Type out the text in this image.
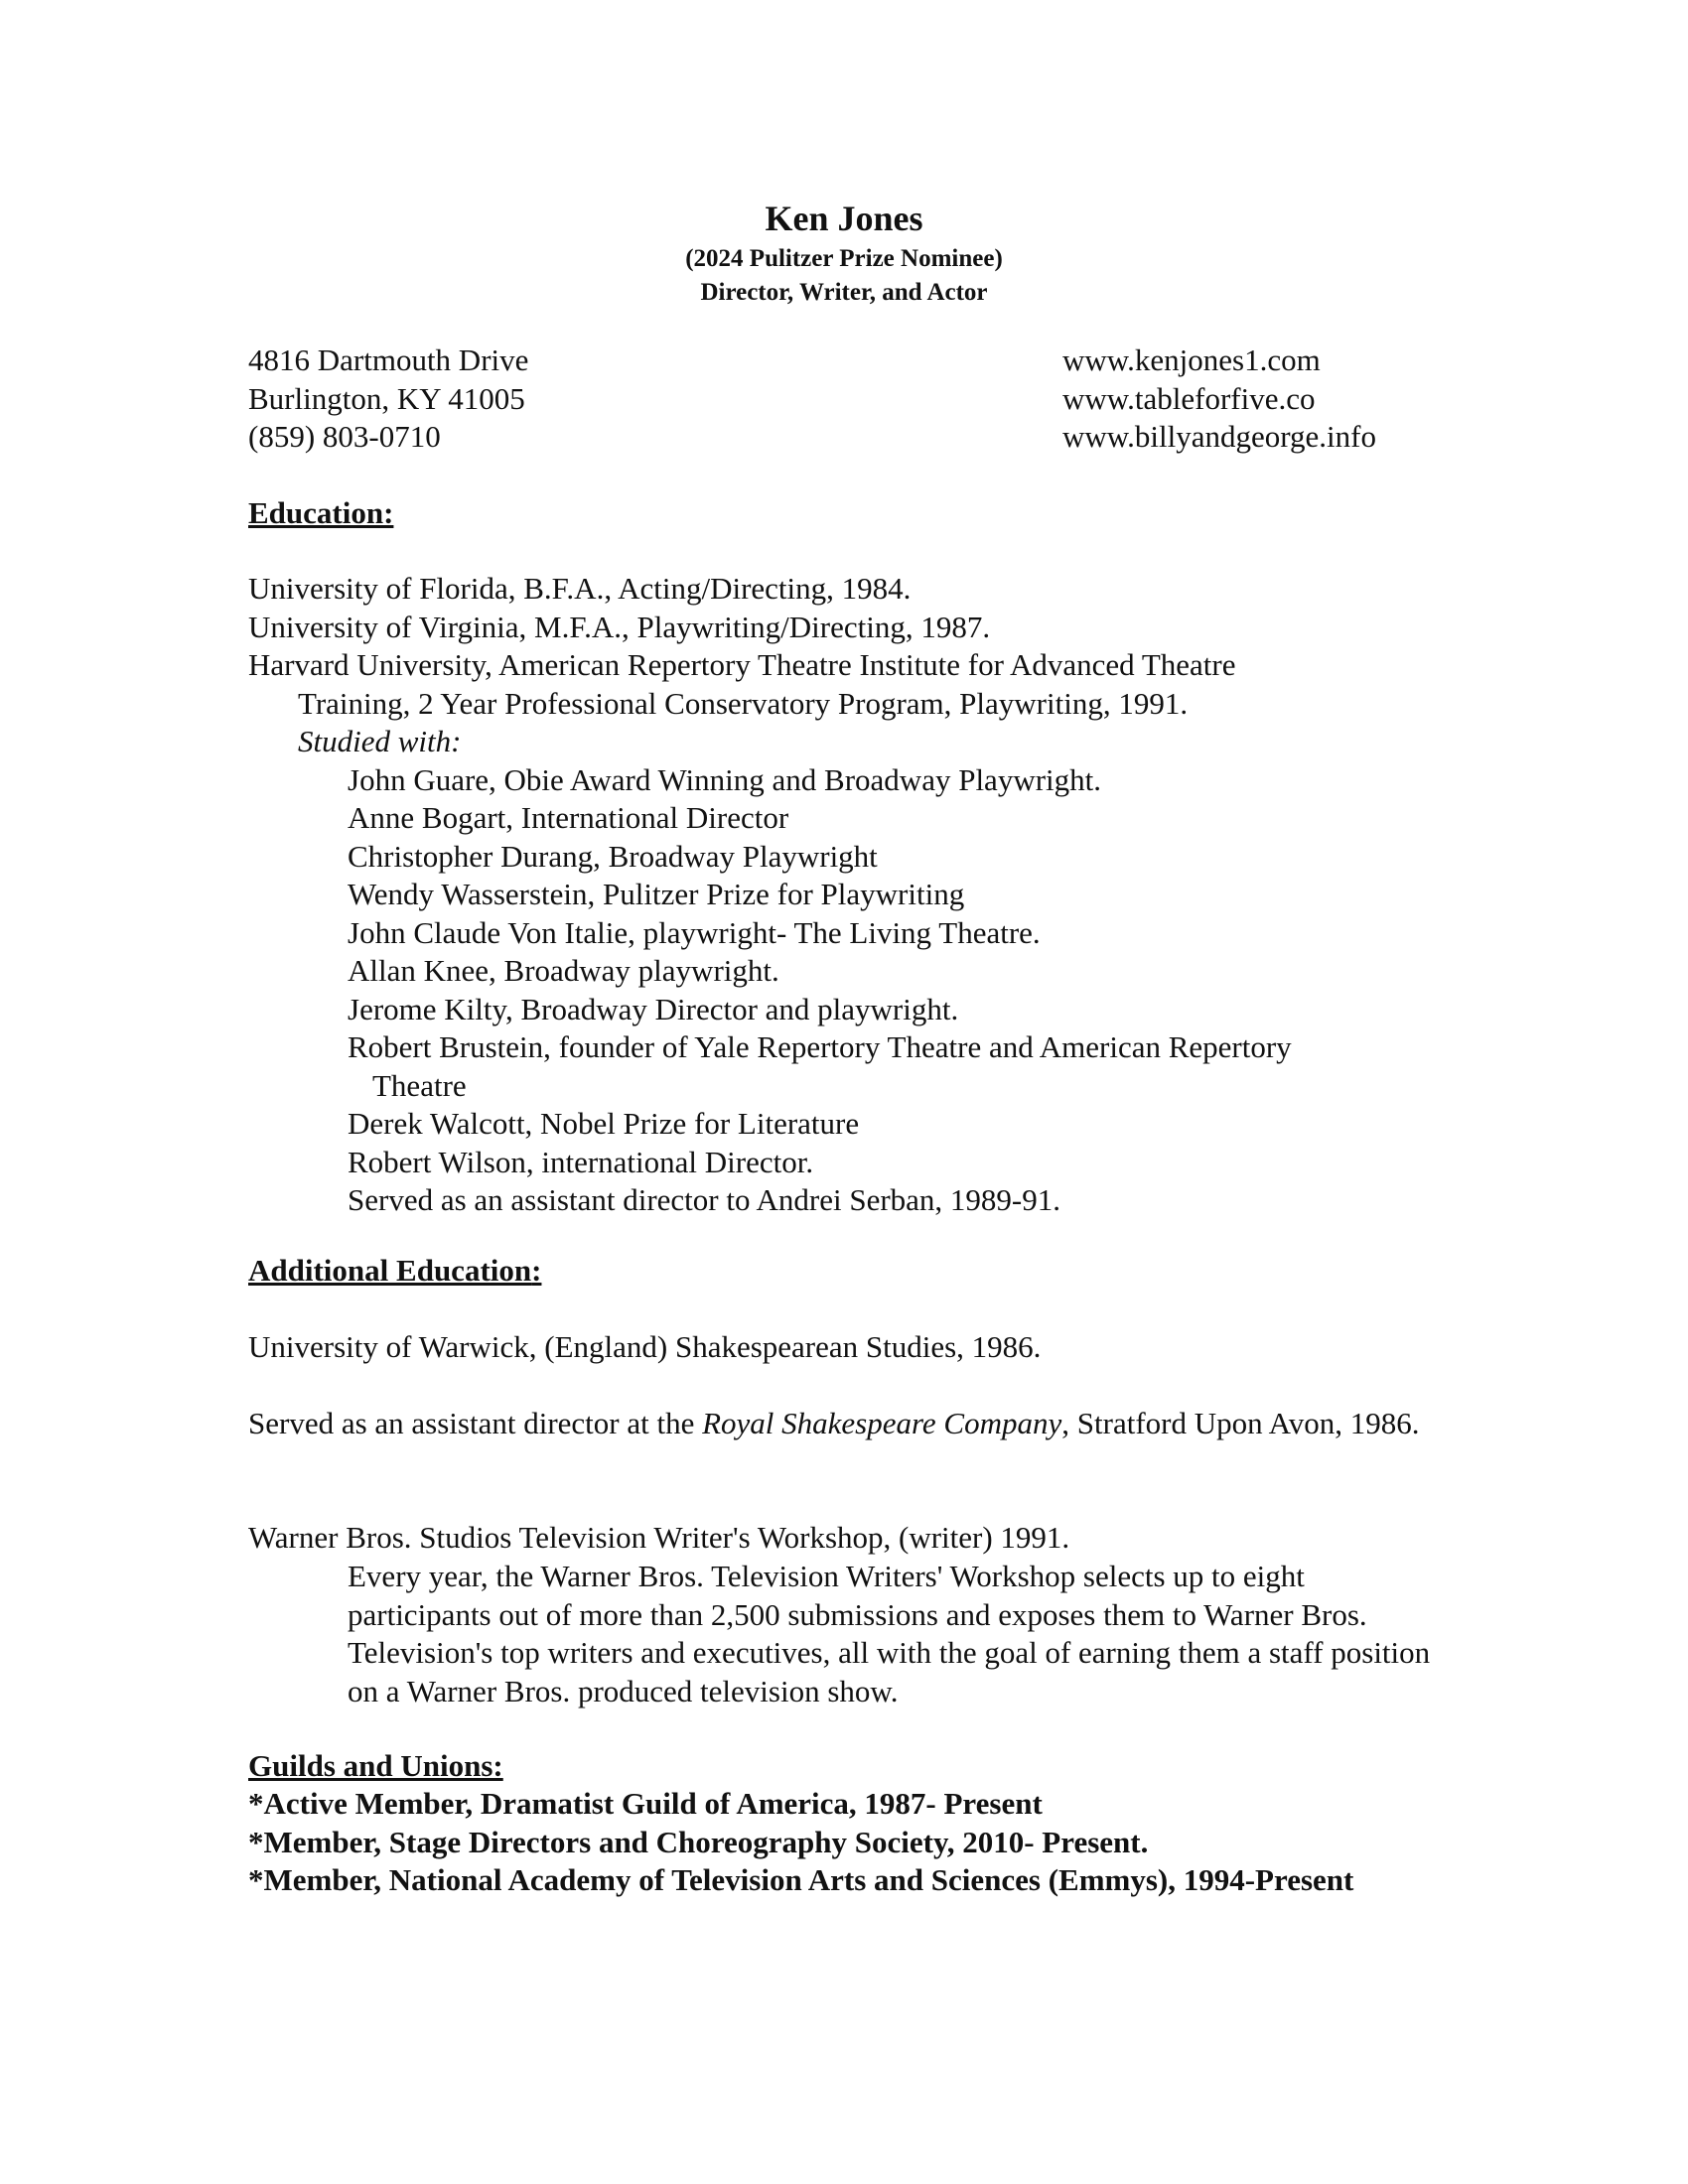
Ken Jones
(2024 Pulitzer Prize Nominee)
Director, Writer, and Actor
4816 Dartmouth Drive
Burlington, KY 41005
(859) 803-0710
www.kenjones1.com
www.tableforfive.co
www.billyandgeorge.info
Education:
University of Florida, B.F.A., Acting/Directing, 1984.
University of Virginia, M.F.A., Playwriting/Directing, 1987.
Harvard University, American Repertory Theatre Institute for Advanced Theatre
Training, 2 Year Professional Conservatory Program, Playwriting, 1991.
Studied with:
John Guare, Obie Award Winning and Broadway Playwright.
Anne Bogart, International Director
Christopher Durang, Broadway Playwright
Wendy Wasserstein, Pulitzer Prize for Playwriting
John Claude Von Italie, playwright- The Living Theatre.
Allan Knee, Broadway playwright.
Jerome Kilty, Broadway Director and playwright.
Robert Brustein, founder of Yale Repertory Theatre and American Repertory
Theatre
Derek Walcott, Nobel Prize for Literature
Robert Wilson, international Director.
Served as an assistant director to Andrei Serban, 1989-91.
Additional Education:
University of Warwick, (England) Shakespearean Studies, 1986.
Served as an assistant director at the Royal Shakespeare Company, Stratford Upon Avon, 1986.
Warner Bros. Studios Television Writer's Workshop, (writer) 1991.
Every year, the Warner Bros. Television Writers' Workshop selects up to eight participants out of more than 2,500 submissions and exposes them to Warner Bros. Television's top writers and executives, all with the goal of earning them a staff position on a Warner Bros. produced television show.
Guilds and Unions:
*Active Member, Dramatist Guild of America, 1987- Present
*Member, Stage Directors and Choreography Society, 2010- Present.
*Member, National Academy of Television Arts and Sciences (Emmys), 1994-Present
